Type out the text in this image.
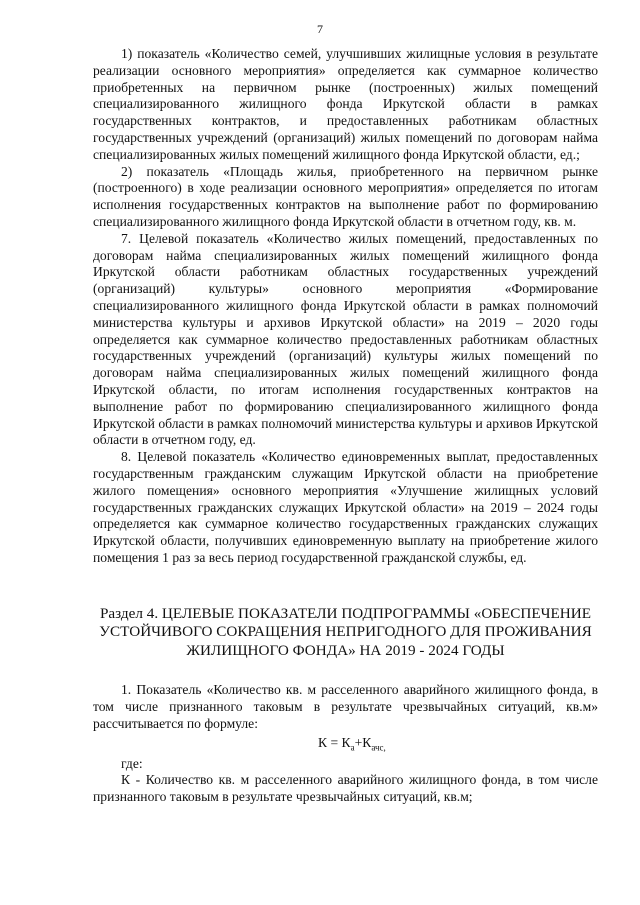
7

1) показатель «Количество семей, улучшивших жилищные условия в результате реализации основного мероприятия» определяется как суммарное количество приобретенных на первичном рынке (построенных) жилых помещений специализированного жилищного фонда Иркутской области в рамках государственных контрактов, и предоставленных работникам областных государственных учреждений (организаций) жилых помещений по договорам найма специализированных жилых помещений жилищного фонда Иркутской области, ед.;

2) показатель «Площадь жилья, приобретенного на первичном рынке (построенного) в ходе реализации основного мероприятия» определяется по итогам исполнения государственных контрактов на выполнение работ по формированию специализированного жилищного фонда Иркутской области в отчетном году, кв. м.

7. Целевой показатель «Количество жилых помещений, предоставленных по договорам найма специализированных жилых помещений жилищного фонда Иркутской области работникам областных государственных учреждений (организаций) культуры» основного мероприятия «Формирование специализированного жилищного фонда Иркутской области в рамках полномочий министерства культуры и архивов Иркутской области» на 2019 – 2020 годы определяется как суммарное количество предоставленных работникам областных государственных учреждений (организаций) культуры жилых помещений по договорам найма специализированных жилых помещений жилищного фонда Иркутской области, по итогам исполнения государственных контрактов на выполнение работ по формированию специализированного жилищного фонда Иркутской области в рамках полномочий министерства культуры и архивов Иркутской области в отчетном году, ед.

8. Целевой показатель «Количество единовременных выплат, предоставленных государственным гражданским служащим Иркутской области на приобретение жилого помещения» основного мероприятия «Улучшение жилищных условий государственных гражданских служащих Иркутской области» на 2019 – 2024 годы определяется как суммарное количество государственных гражданских служащих Иркутской области, получивших единовременную выплату на приобретение жилого помещения 1 раз за весь период государственной гражданской службы, ед.

Раздел 4. ЦЕЛЕВЫЕ ПОКАЗАТЕЛИ ПОДПРОГРАММЫ «ОБЕСПЕЧЕНИЕ УСТОЙЧИВОГО СОКРАЩЕНИЯ НЕПРИГОДНОГО ДЛЯ ПРОЖИВАНИЯ ЖИЛИЩНОГО ФОНДА» НА 2019 - 2024 ГОДЫ

1. Показатель «Количество кв. м расселенного аварийного жилищного фонда, в том числе признанного таковым в результате чрезвычайных ситуаций, кв.м» рассчитывается по формуле:

$К = К_а+К_{ачс,}$

где:

К - Количество кв. м расселенного аварийного жилищного фонда, в том числе признанного таковым в результате чрезвычайных ситуаций, кв.м;
